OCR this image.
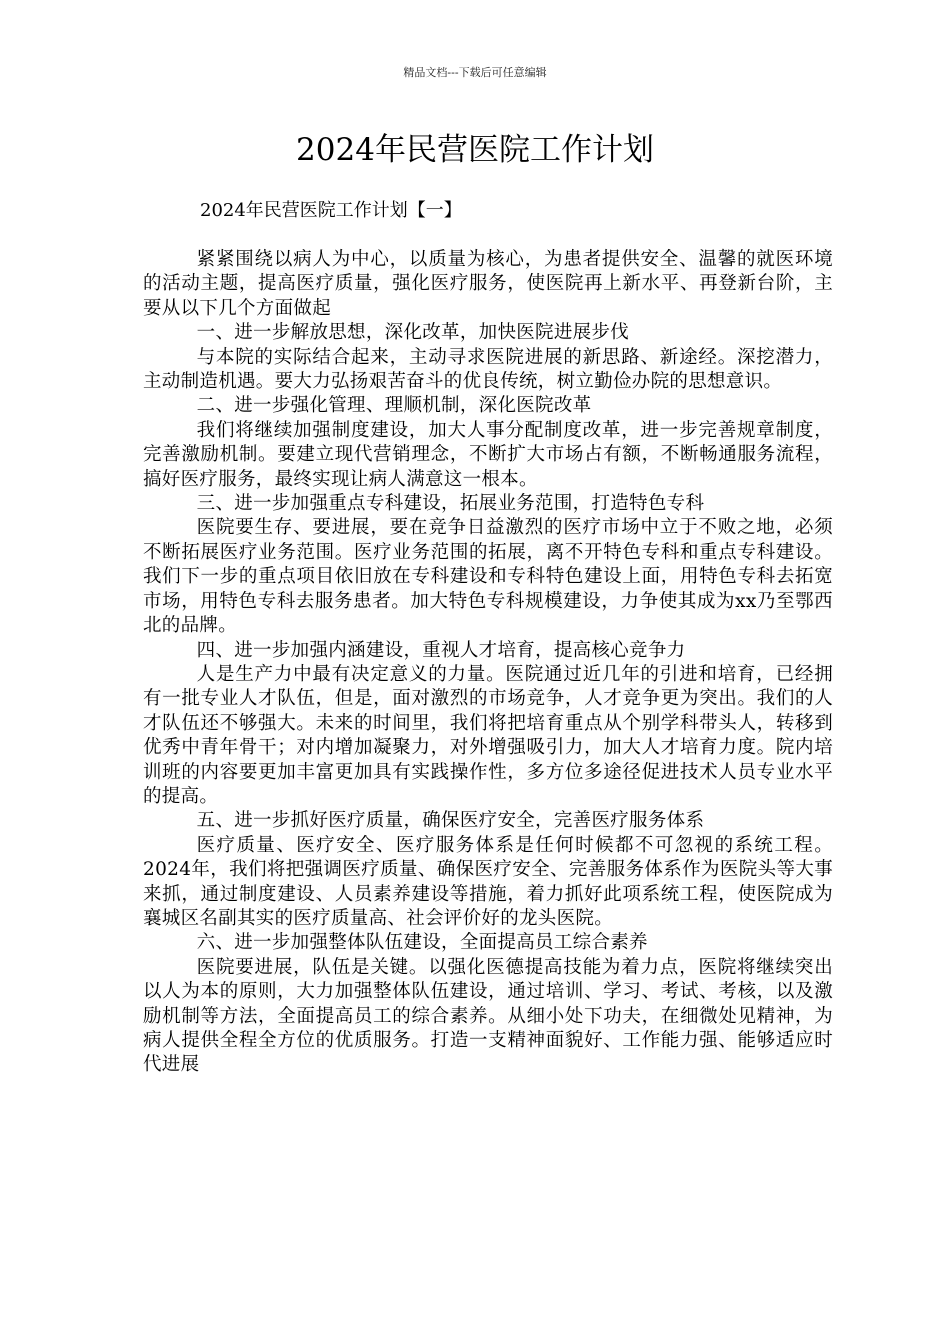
精品文档---下载后可任意编辑
2024年民营医院工作计划
2024年民营医院工作计划【一】

紧紧围绕以病人为中心，以质量为核心，为患者提供安全、温馨的就医环境的活动主题，提高医疗质量，强化医疗服务，使医院再上新水平、再登新台阶，主要从以下几个方面做起

一、进一步解放思想，深化改革，加快医院进展步伐

与本院的实际结合起来，主动寻求医院进展的新思路、新途经。深挖潜力，主动制造机遇。要大力弘扬艰苦奋斗的优良传统，树立勤俭办院的思想意识。

二、进一步强化管理、理顺机制，深化医院改革

我们将继续加强制度建设，加大人事分配制度改革，进一步完善规章制度，完善激励机制。要建立现代营销理念，不断扩大市场占有额，不断畅通服务流程，搞好医疗服务，最终实现让病人满意这一根本。

三、进一步加强重点专科建设，拓展业务范围，打造特色专科

医院要生存、要进展，要在竞争日益激烈的医疗市场中立于不败之地，必须不断拓展医疗业务范围。医疗业务范围的拓展，离不开特色专科和重点专科建设。我们下一步的重点项目依旧放在专科建设和专科特色建设上面，用特色专科去拓宽市场，用特色专科去服务患者。加大特色专科规模建设，力争使其成为xx乃至鄂西北的品牌。

四、进一步加强内涵建设，重视人才培育，提高核心竞争力

人是生产力中最有决定意义的力量。医院通过近几年的引进和培育，已经拥有一批专业人才队伍，但是，面对激烈的市场竞争，人才竞争更为突出。我们的人才队伍还不够强大。未来的时间里，我们将把培育重点从个别学科带头人，转移到优秀中青年骨干；对内增加凝聚力，对外增强吸引力，加大人才培育力度。院内培训班的内容要更加丰富更加具有实践操作性，多方位多途径促进技术人员专业水平的提高。

五、进一步抓好医疗质量，确保医疗安全，完善医疗服务体系

医疗质量、医疗安全、医疗服务体系是任何时候都不可忽视的系统工程。2024年，我们将把强调医疗质量、确保医疗安全、完善服务体系作为医院头等大事来抓，通过制度建设、人员素养建设等措施，着力抓好此项系统工程，使医院成为襄城区名副其实的医疗质量高、社会评价好的龙头医院。

六、进一步加强整体队伍建设，全面提高员工综合素养

医院要进展，队伍是关键。以强化医德提高技能为着力点，医院将继续突出以人为本的原则，大力加强整体队伍建设，通过培训、学习、考试、考核，以及激励机制等方法，全面提高员工的综合素养。从细小处下功夫，在细微处见精神，为病人提供全程全方位的优质服务。打造一支精神面貌好、工作能力强、能够适应时代进展
